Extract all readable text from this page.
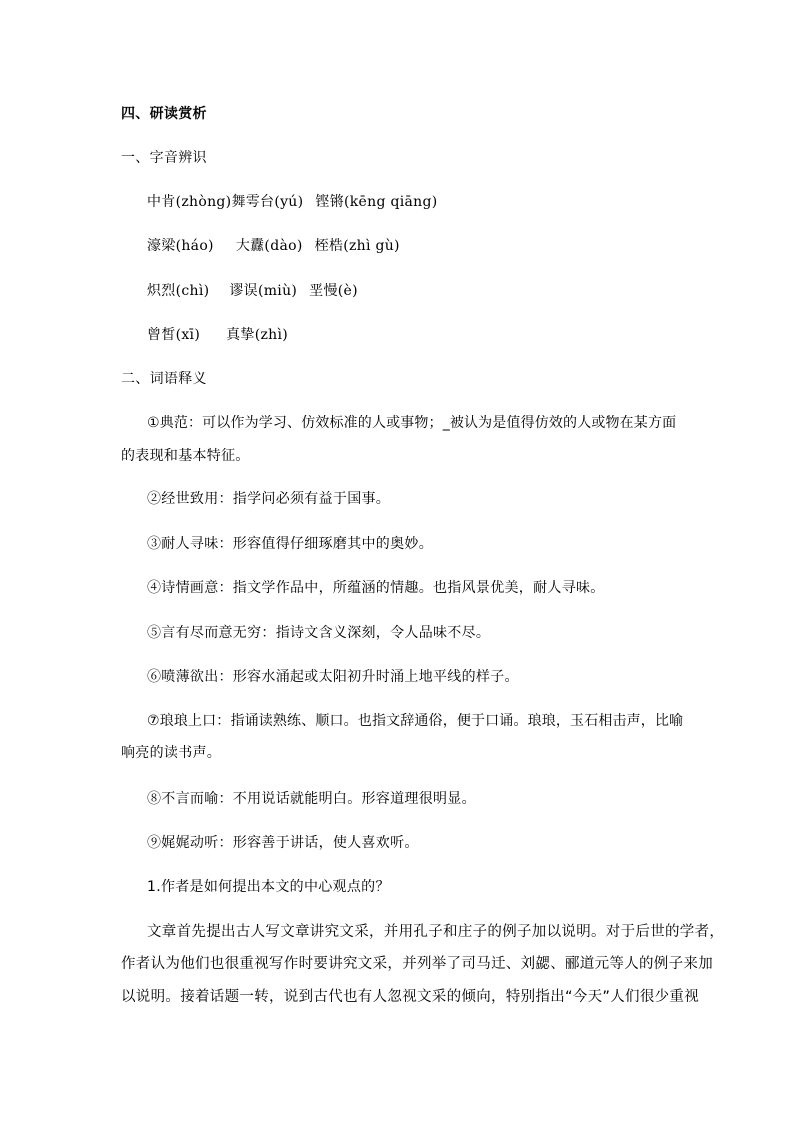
四、研读赏析
一、字音辨识
中肯(zhòng)舞雩台(yú) 铿锵(kēng qiāng)
濠梁(háo) 大纛(dào) 桎梏(zhì gù)
炽烈(chì) 谬误(miù) 垩慢(è)
曾皙(xī) 真挚(zhì)
二、词语释义
①典范：可以作为学习、仿效标准的人或事物；_被认为是值得仿效的人或物在某方面
的表现和基本特征。
②经世致用：指学问必须有益于国事。
③耐人寻味：形容值得仔细琢磨其中的奥妙。
④诗情画意：指文学作品中，所蕴涵的情趣。也指风景优美，耐人寻味。
⑤言有尽而意无穷：指诗文含义深刻，令人品味不尽。
⑥喷薄欲出：形容水涌起或太阳初升时涌上地平线的样子。
⑦琅琅上口：指诵读熟练、顺口。也指文辞通俗，便于口诵。琅琅，玉石相击声，比喻
响亮的读书声。
⑧不言而喻：不用说话就能明白。形容道理很明显。
⑨娓娓动听：形容善于讲话，使人喜欢听。
1.作者是如何提出本文的中心观点的？
文章首先提出古人写文章讲究文采，并用孔子和庄子的例子加以说明。对于后世的学者，
作者认为他们也很重视写作时要讲究文采，并列举了司马迁、刘勰、郦道元等人的例子来加
以说明。接着话题一转，说到古代也有人忽视文采的倾向，特别指出“今天”人们很少重视
